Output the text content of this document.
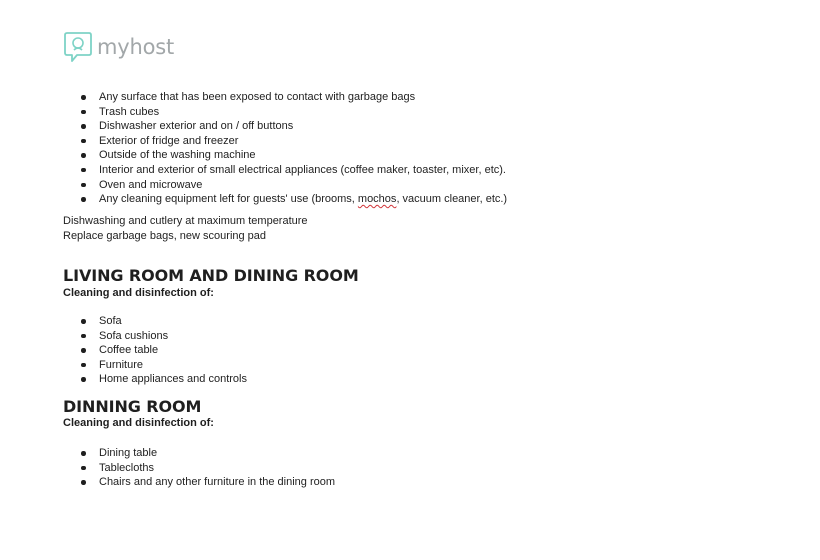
myhost
Any surface that has been exposed to contact with garbage bags
Trash cubes
Dishwasher exterior and on / off buttons
Exterior of fridge and freezer
Outside of the washing machine
Interior and exterior of small electrical appliances (coffee maker, toaster, mixer, etc).
Oven and microwave
Any cleaning equipment left for guests' use (brooms, mochos, vacuum cleaner, etc.)
Dishwashing and cutlery at maximum temperature
Replace garbage bags, new scouring pad
LIVING ROOM AND DINING ROOM
Cleaning and disinfection of:
Sofa
Sofa cushions
Coffee table
Furniture
Home appliances and controls
DINNING ROOM
Cleaning and disinfection of:
Dining table
Tablecloths
Chairs and any other furniture in the dining room
